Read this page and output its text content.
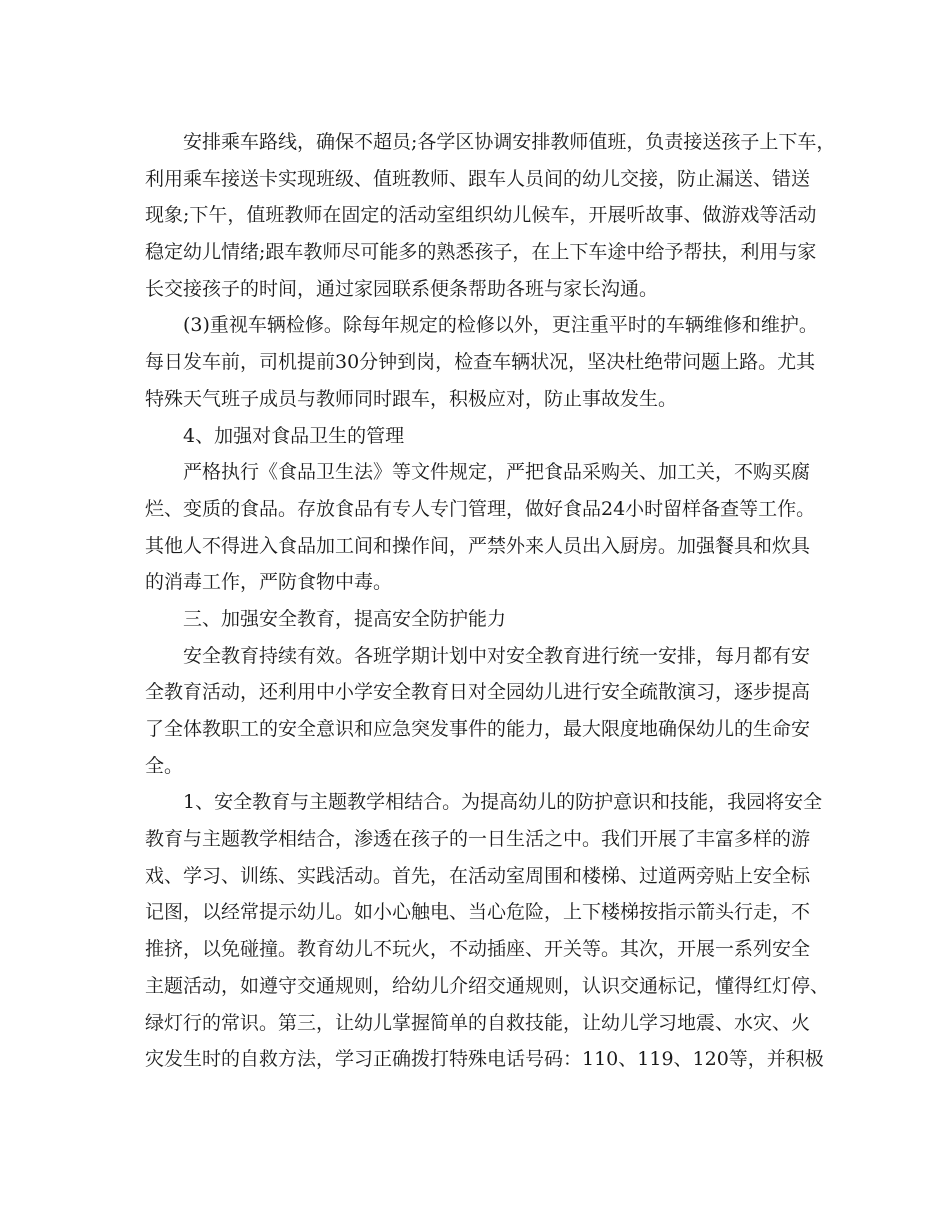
安排乘车路线，确保不超员;各学区协调安排教师值班，负责接送孩子上下车，
利用乘车接送卡实现班级、值班教师、跟车人员间的幼儿交接，防止漏送、错送
现象;下午，值班教师在固定的活动室组织幼儿候车，开展听故事、做游戏等活动
稳定幼儿情绪;跟车教师尽可能多的熟悉孩子，在上下车途中给予帮扶，利用与家
长交接孩子的时间，通过家园联系便条帮助各班与家长沟通。
(3)重视车辆检修。除每年规定的检修以外，更注重平时的车辆维修和维护。
每日发车前，司机提前30分钟到岗，检查车辆状况，坚决杜绝带问题上路。尤其
特殊天气班子成员与教师同时跟车，积极应对，防止事故发生。
4、加强对食品卫生的管理
严格执行《食品卫生法》等文件规定，严把食品采购关、加工关，不购买腐
烂、变质的食品。存放食品有专人专门管理，做好食品24小时留样备查等工作。
其他人不得进入食品加工间和操作间，严禁外来人员出入厨房。加强餐具和炊具
的消毒工作，严防食物中毒。
三、加强安全教育，提高安全防护能力
安全教育持续有效。各班学期计划中对安全教育进行统一安排，每月都有安
全教育活动，还利用中小学安全教育日对全园幼儿进行安全疏散演习，逐步提高
了全体教职工的安全意识和应急突发事件的能力，最大限度地确保幼儿的生命安
全。
1、安全教育与主题教学相结合。为提高幼儿的防护意识和技能，我园将安全
教育与主题教学相结合，渗透在孩子的一日生活之中。我们开展了丰富多样的游
戏、学习、训练、实践活动。首先，在活动室周围和楼梯、过道两旁贴上安全标
记图，以经常提示幼儿。如小心触电、当心危险，上下楼梯按指示箭头行走，不
推挤，以免碰撞。教育幼儿不玩火，不动插座、开关等。其次，开展一系列安全
主题活动，如遵守交通规则，给幼儿介绍交通规则，认识交通标记，懂得红灯停、
绿灯行的常识。第三，让幼儿掌握简单的自救技能，让幼儿学习地震、水灾、火
灾发生时的自救方法，学习正确拨打特殊电话号码：110、119、120等，并积极
